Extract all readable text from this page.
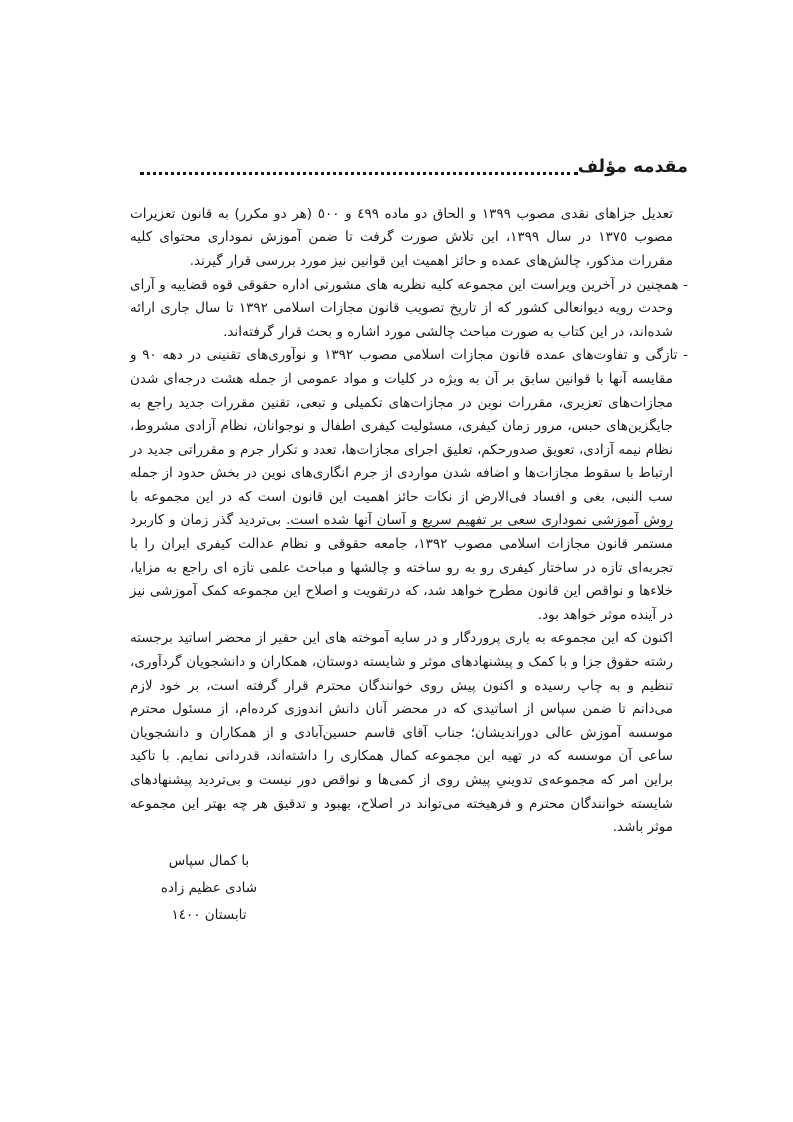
مقدمه مؤلف

تعدیل جزاهای نقدی مصوب ١٣٩٩ و الحاق دو ماده ٤٩٩ و ٥٠٠ (هر دو مکرر) به قانون تعزیرات مصوب ١٣٧٥ در سال ١٣٩٩، این تلاش صورت گرفت تا ضمن آموزش نموداری محتوای کلیه مقررات مذکور، چالش‌های عمده و حائز اهمیت این قوانین نیز مورد بررسی قرار گیرند.

- همچنین در آخرین ویراست این مجموعه کلیه نظریه های مشورتی اداره حقوقی قوه قضاییه و آرای وحدت رویه دیوانعالی کشور که از تاریخ تصویب قانون مجازات اسلامی ١٣٩٢ تا سال جاری ارائه شده‌اند، در این کتاب به صورت مباحث چالشی مورد اشاره و بحث قرار گرفته‌اند.

- تازگی و تفاوت‌های عمده قانون مجازات اسلامی مصوب ١٣٩٢ و نوآوری‌های تقنینی در دهه ٩٠ و مقایسه آنها با قوانین سابق بر آن به ویژه در کلیات و مواد عمومی از جمله هشت درجه‌ای شدن مجازات‌های تعزیری، مقررات نوین در مجازات‌های تکمیلی و تبعی، تقنین مقررات جدید راجع به جایگزین‌های حبس، مرور زمان کیفری، مسئولیت کیفری اطفال و نوجوانان، نظام آزادی مشروط، نظام نیمه آزادی، تعویق صدورحکم، تعلیق اجرای مجازات‌ها، تعدد و تکرار جرم و مقرراتی جدید در ارتباط با سقوط مجازات‌ها و اضافه شدن مواردی از جرم انگاری‌های نوین در بخش حدود از جمله سب النبی، بغی و افساد فی‌الارض از نکات حائز اهمیت این قانون است که در این مجموعه با روش آموزشی نموداری سعی بر تفهیم سریع و آسان آنها شده است. بی‌تردید گذر زمان و کاربرد مستمر قانون مجازات اسلامی مصوب ١٣٩٢، جامعه حقوقی و نظام عدالت کیفری ایران را با تجربه‌ای تازه در ساختار کیفری رو به رو ساخته و چالشها و مباحث علمی تازه ای راجع به مزایا، خلاءها و نواقص این قانون مطرح خواهد شد، که درتقویت و اصلاح این مجموعه کمک آموزشی نیز در آینده موثر خواهد بود.

اکنون که این مجموعه به یاری پروردگار و در سایه آموخته های این حقیر از محضر اساتید برجسته رشته حقوق جزا و با کمک و پیشنهادهای موثر و شایسته دوستان، همکاران و دانشجویان گردآوری، تنظیم و به چاپ رسیده و اکنون پیش روی خوانندگان محترم قرار گرفته است، بر خود لازم می‌دانم تا ضمن سپاس از اساتیدی که در محضر آنان دانش اندوزی کرده‌ام، از مسئول محترم موسسه آموزش عالی دوراندیشان؛ جناب آقای قاسم حسین‌آبادی و از همکاران و دانشجویان ساعی آن موسسه که در تهیه این مجموعه کمال همکاری را داشته‌اند، قدردانی نمایم. با تاکید براین امر که مجموعه‌ی تدوینیِ پیش روی از کمی‌ها و نواقص دور نیست و بی‌تردید پیشنهادهای شایسته خوانندگان محترم و فرهیخته می‌تواند در اصلاح، بهبود و تدقیق هر چه بهتر این مجموعه موثر باشد.

با کمال سپاس
شادی عظیم زاده
تابستان ١٤٠٠
